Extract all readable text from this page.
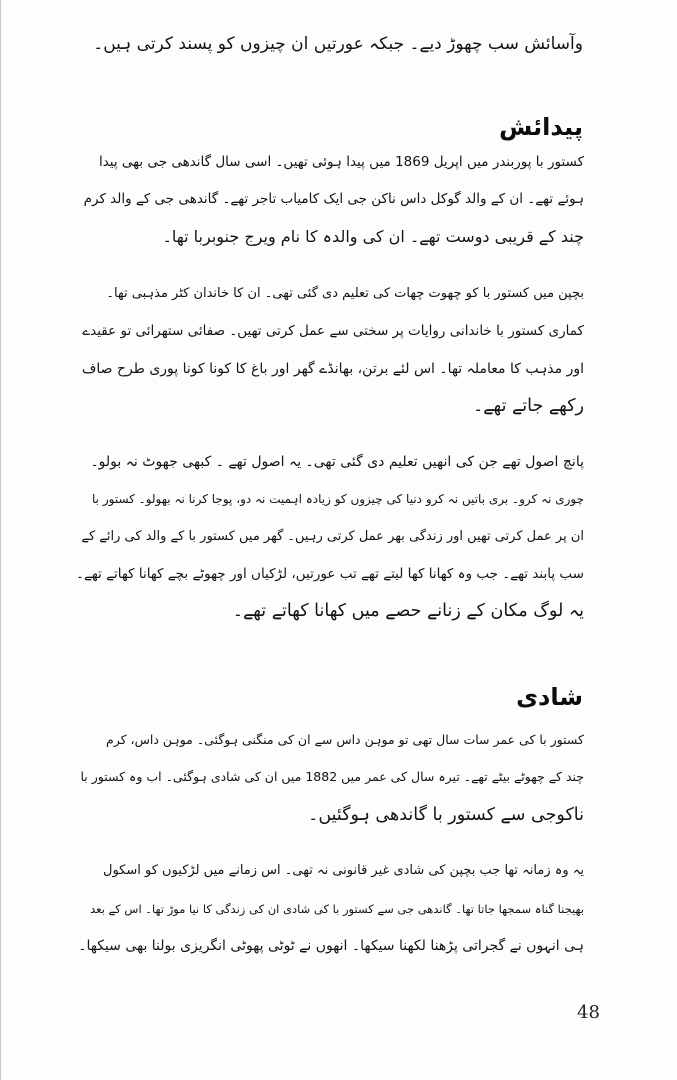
وآسائش سب چھوڑ دیے۔ جبکہ عورتیں ان چیزوں کو پسند کرتی ہیں۔
پیدائش
کستور با پوربندر میں اپریل 1869 میں پیدا ہوئی تھیں۔ اسی سال گاندھی جی بھی پیدا
ہوئے تھے۔ ان کے والد گوکل داس ناکن جی ایک کامیاب تاجر تھے۔ گاندھی جی کے والد کرم
چند کے قریبی دوست تھے۔ ان کی والدہ کا نام ویرج جنوبربا تھا۔
بچپن میں کستور با کو چھوت چھات کی تعلیم دی گئی تھی۔ ان کا خاندان کٹر مذہبی تھا۔
کماری کستور با خاندانی روایات پر سختی سے عمل کرتی تھیں۔ صفائی ستھرائی تو عقیدے
اور مذہب کا معاملہ تھا۔ اس لئے برتن، بھانڈے گھر اور باغ کا کونا کونا پوری طرح صاف
رکھے جاتے تھے۔
پانچ اصول تھے جن کی انھیں تعلیم دی گئی تھی۔ یہ اصول تھے ۔ کبھی جھوٹ نہ بولو۔
چوری نہ کرو۔ بری باتیں نہ کرو دنیا کی چیزوں کو زیادہ اہمیت نہ دو، پوجا کرنا نہ بھولو۔ کستور با
ان پر عمل کرتی تھیں اور زندگی بھر عمل کرتی رہیں۔ گھر میں کستور با کے والد کی رائے کے
سب پابند تھے۔ جب وہ کھانا کھا لیتے تھے تب عورتیں، لڑکیاں اور چھوٹے بچے کھانا کھاتے تھے۔
یہ لوگ مکان کے زنانے حصے میں کھانا کھاتے تھے۔
شادی
کستور با کی عمر سات سال تھی تو موہن داس سے ان کی منگنی ہوگئی۔ موہن داس، کرم
چند کے چھوٹے بیٹے تھے۔ تیرہ سال کی عمر میں 1882 میں ان کی شادی ہوگئی۔ اب وہ کستور با
ناکوجی سے کستور با گاندھی ہوگئیں۔
یہ وہ زمانہ تھا جب بچپن کی شادی غیر قانونی نہ تھی۔ اس زمانے میں لڑکیوں کو اسکول
بھیجنا گناہ سمجھا جاتا تھا۔ گاندھی جی سے کستور با کی شادی ان کی زندگی کا نیا موڑ تھا۔ اس کے بعد
ہی انہوں نے گجراتی پڑھنا لکھنا سیکھا۔ انھوں نے ٹوٹی پھوٹی انگریزی بولنا بھی سیکھا۔
48
